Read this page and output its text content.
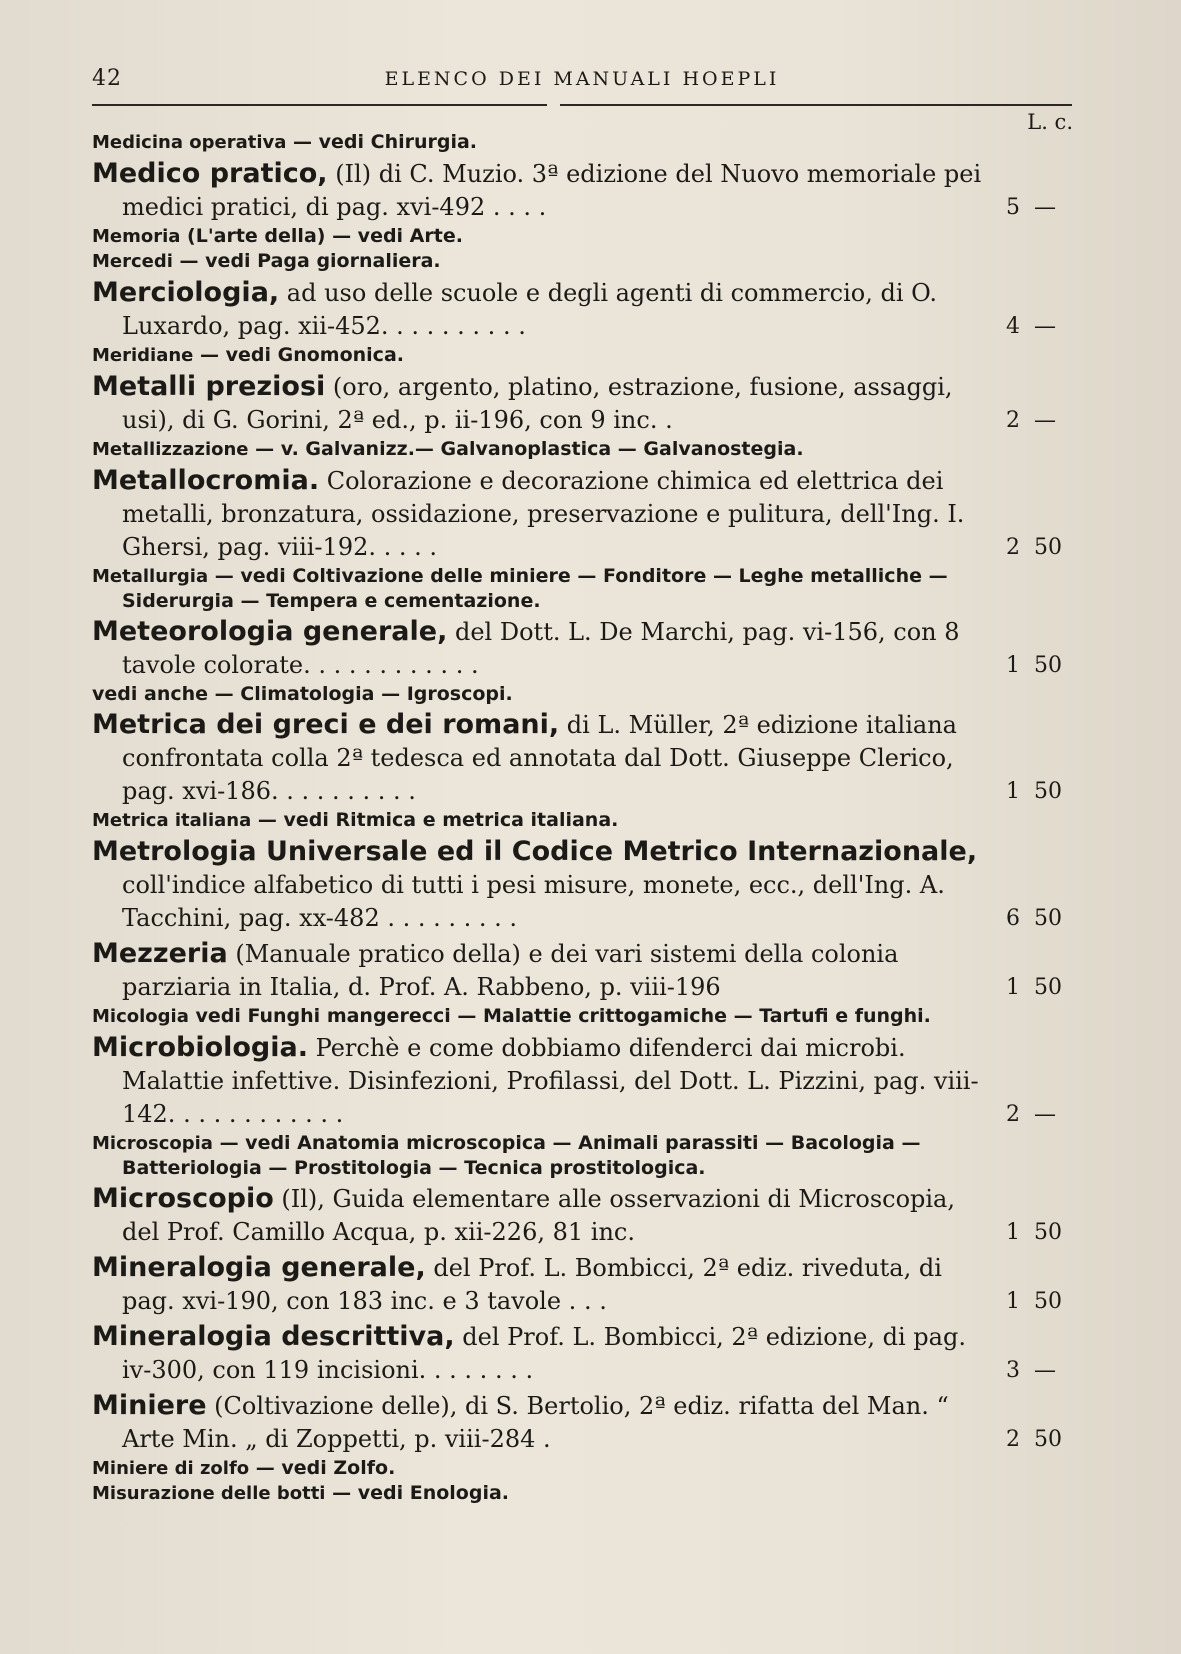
42	ELENCO DEI MANUALI HOEPLI
L. c.
Medicina operativa — vedi Chirurgia.
Medico pratico, (Il) di C. Muzio. 3ª edizione del Nuovo memoriale pei medici pratici, di pag. xvi-492 . . . .	5 —
Memoria (L'arte della) — vedi Arte.
Mercedi — vedi Paga giornaliera.
Merciologia, ad uso delle scuole e degli agenti di commercio, di O. Luxardo, pag. xii-452. . . . . . . . . .	4 —
Meridiane — vedi Gnomonica.
Metalli preziosi (oro, argento, platino, estrazione, fusione, assaggi, usi), di G. Gorini, 2ª ed., p. ii-196, con 9 inc. .	2 —
Metallizzazione — v. Galvanizz.— Galvanoplastica — Galvanostegia.
Metallocromia. Colorazione e decorazione chimica ed elettrica dei metalli, bronzatura, ossidazione, preservazione e pulitura, dell'Ing. I. Ghersi, pag. viii-192. . . . .	2 50
Metallurgia — vedi Coltivazione delle miniere — Fonditore — Leghe metalliche — Siderurgia — Tempera e cementazione.
Meteorologia generale, del Dott. L. De Marchi, pag. vi-156, con 8 tavole colorate. . . . . . . . . . . .	1 50
vedi anche — Climatologia — Igroscopi.
Metrica dei greci e dei romani, di L. Müller, 2ª edizione italiana confrontata colla 2ª tedesca ed annotata dal Dott. Giuseppe Clerico, pag. xvi-186. . . . . . . . . .	1 50
Metrica italiana — vedi Ritmica e metrica italiana.
Metrologia Universale ed il Codice Metrico Internazionale, coll'indice alfabetico di tutti i pesi misure, monete, ecc., dell'Ing. A. Tacchini, pag. xx-482 . . . . . . . . .	6 50
Mezzeria (Manuale pratico della) e dei vari sistemi della colonia parziaria in Italia, d. Prof. A. Rabbeno, p. viii-196	1 50
Micologia vedi Funghi mangerecci — Malattie crittogamiche — Tartufi e funghi.
Microbiologia. Perchè e come dobbiamo difenderci dai microbi. Malattie infettive. Disinfezioni, Profilassi, del Dott. L. Pizzini, pag. viii-142. . . . . . . . . . . .	2 —
Microscopia — vedi Anatomia microscopica — Animali parassiti — Bacologia — Batteriologia — Prostitologia — Tecnica prostitologica.
Microscopio (Il), Guida elementare alle osservazioni di Microscopia, del Prof. Camillo Acqua, p. xii-226, 81 inc.	1 50
Mineralogia generale, del Prof. L. Bombicci, 2ª ediz. riveduta, di pag. xvi-190, con 183 inc. e 3 tavole . . .	1 50
Mineralogia descrittiva, del Prof. L. Bombicci, 2ª edizione, di pag. iv-300, con 119 incisioni. . . . . . . .	3 —
Miniere (Coltivazione delle), di S. Bertolio, 2ª ediz. rifatta del Man. “ Arte Min. „ di Zoppetti, p. viii-284 .	2 50
Miniere di zolfo — vedi Zolfo.
Misurazione delle botti — vedi Enologia.
